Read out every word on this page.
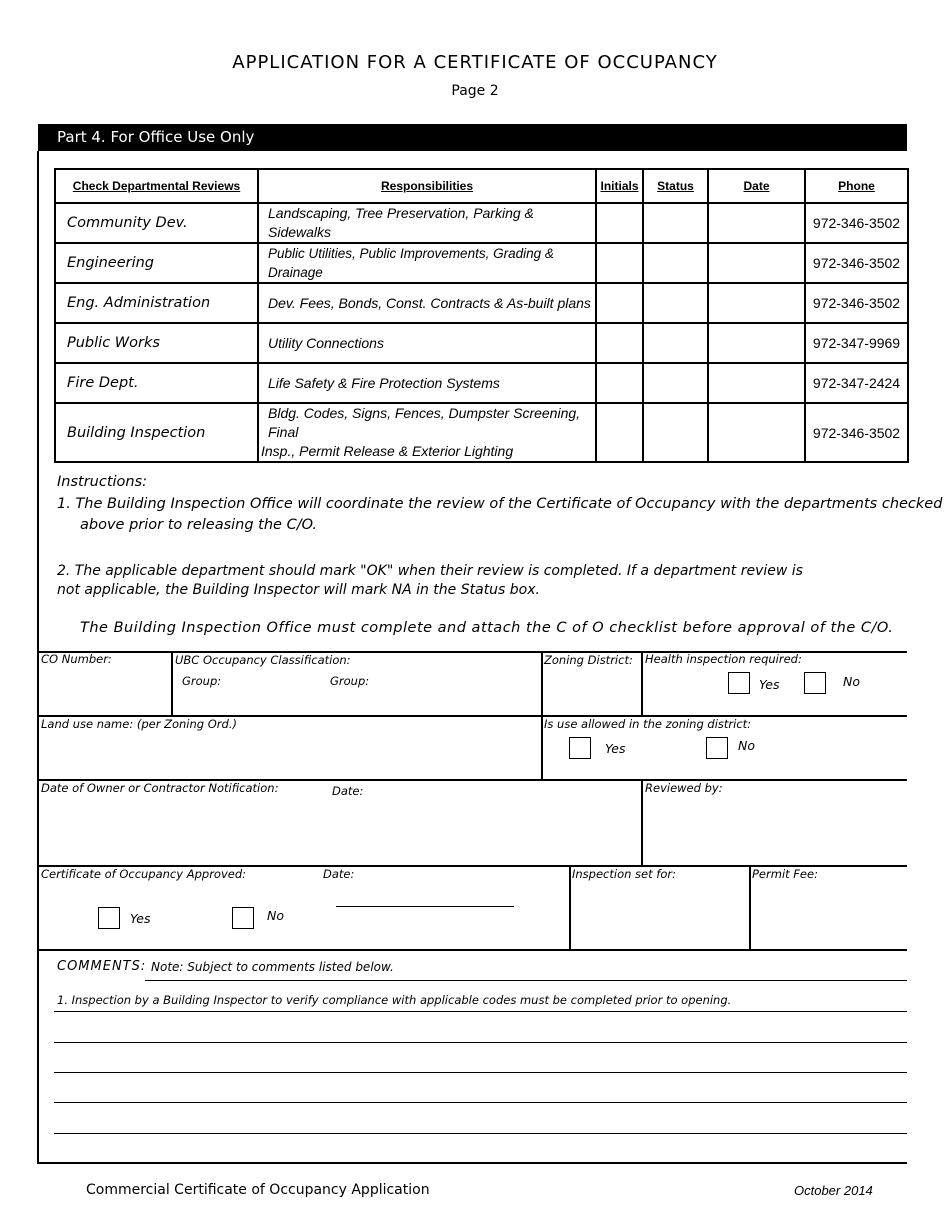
APPLICATION FOR A CERTIFICATE OF OCCUPANCY
Page 2
Part 4. For Office Use Only
Check Departmental Reviews	Responsibilities	Initials	Status	Date	Phone
Community Dev.	Landscaping, Tree Preservation, Parking & Sidewalks				972-346-3502
Engineering	Public Utilities, Public Improvements, Grading & Drainage				972-346-3502
Eng. Administration	Dev. Fees, Bonds, Const. Contracts & As-built plans				972-346-3502
Public Works	Utility Connections				972-347-9969
Fire Dept.	Life Safety & Fire Protection Systems				972-347-2424
Building Inspection	Bldg. Codes, Signs, Fences, Dumpster Screening, Final
Insp., Permit Release & Exterior Lighting				972-346-3502
Instructions:
1. The Building Inspection Office will coordinate the review of the Certificate of Occupancy with the departments checked
above prior to releasing the C/O.
2. The applicable department should mark "OK" when their review is completed. If a department review is
not applicable, the Building Inspector will mark NA in the Status box.
The Building Inspection Office must complete and attach the C of O checklist before approval of the C/O.
CO Number:	UBC Occupancy Classification:
Group:	Group:
Zoning District: Health inspection required:
Yes	No
Land use name: (per Zoning Ord.)	Is use allowed in the zoning district:
Yes	No
Date of Owner or Contractor Notification:	Date:	Reviewed by:
Certificate of Occupancy Approved:	Date:
Yes	No
Inspection set for:	Permit Fee:
COMMENTS: Note: Subject to comments listed below.
1. Inspection by a Building Inspector to verify compliance with applicable codes must be completed prior to opening.
Commercial Certificate of Occupancy Application	October 2014
